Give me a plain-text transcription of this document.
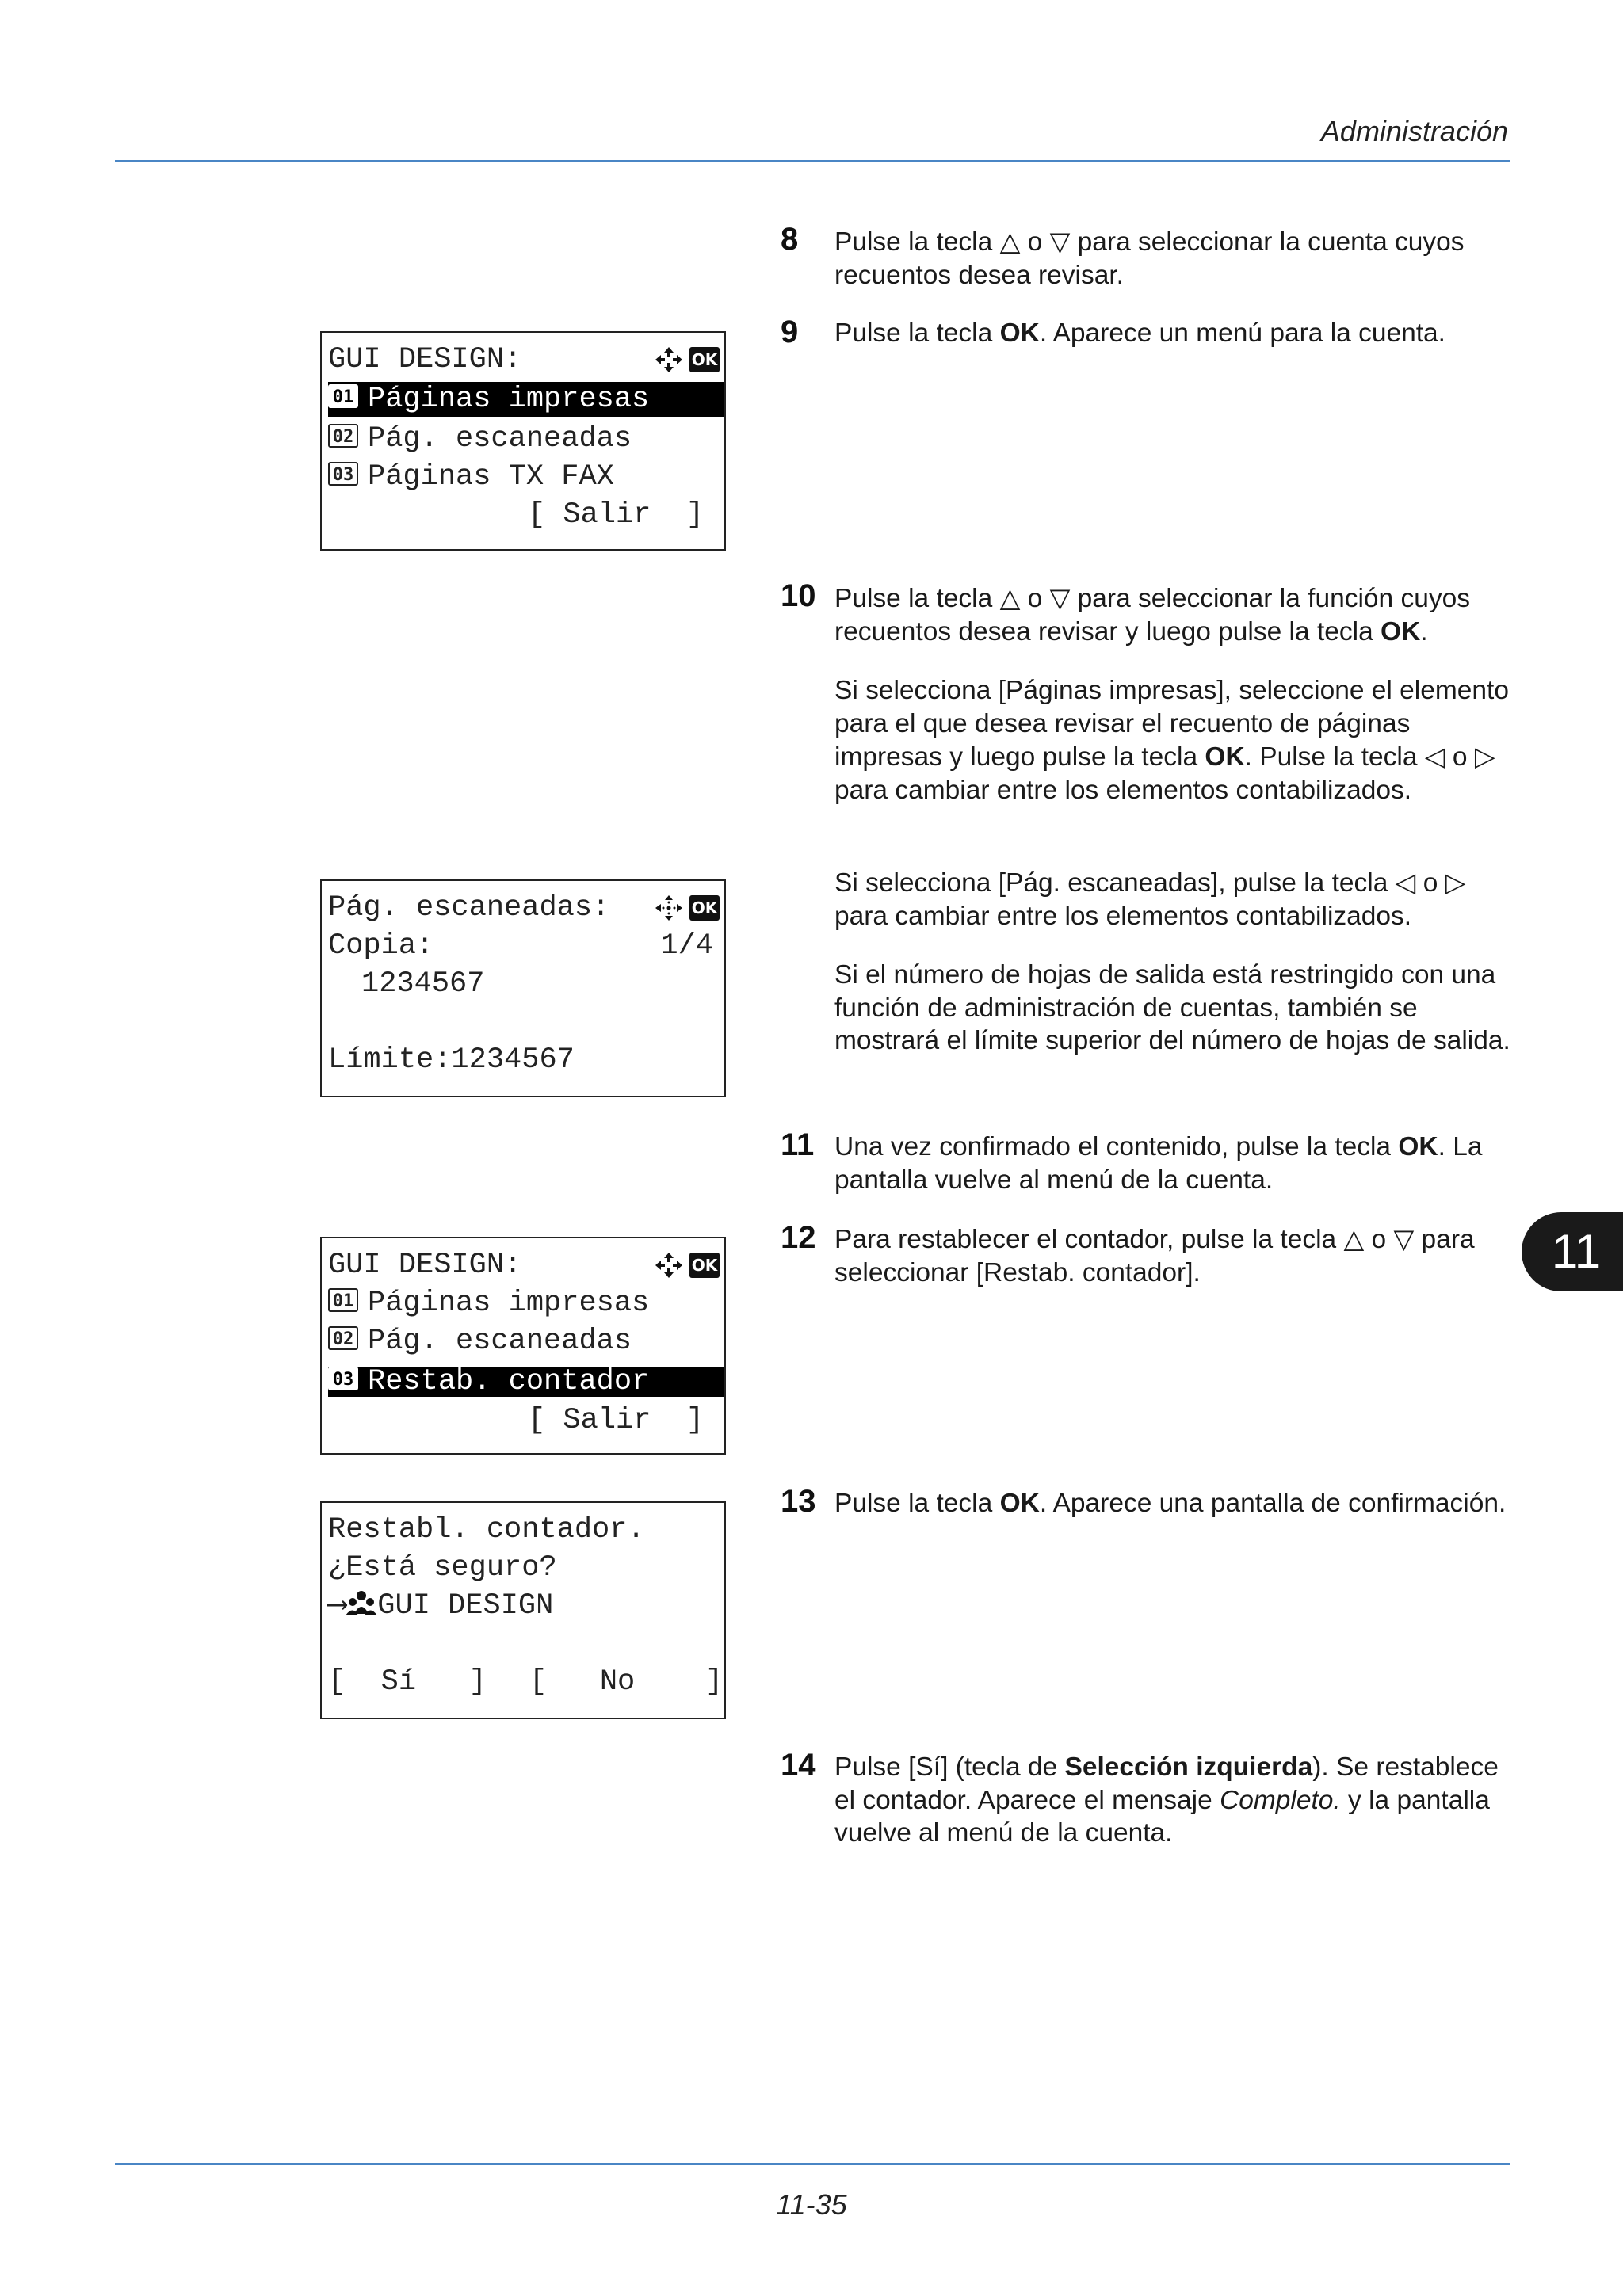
Administración
11
8 Pulse la tecla △ o ▽ para seleccionar la cuenta cuyos recuentos desea revisar.

9 Pulse la tecla OK. Aparece un menú para la cuenta.

10 Pulse la tecla △ o ▽ para seleccionar la función cuyos recuentos desea revisar y luego pulse la tecla OK.

Si selecciona [Páginas impresas], seleccione el elemento para el que desea revisar el recuento de páginas impresas y luego pulse la tecla OK. Pulse la tecla ◁ o ▷ para cambiar entre los elementos contabilizados.

Si selecciona [Pág. escaneadas], pulse la tecla ◁ o ▷ para cambiar entre los elementos contabilizados.

Si el número de hojas de salida está restringido con una función de administración de cuentas, también se mostrará el límite superior del número de hojas de salida.

11 Una vez confirmado el contenido, pulse la tecla OK. La pantalla vuelve al menú de la cuenta.

12 Para restablecer el contador, pulse la tecla △ o ▽ para seleccionar [Restab. contador].

13 Pulse la tecla OK. Aparece una pantalla de confirmación.

14 Pulse [Sí] (tecla de Selección izquierda). Se restablece el contador. Aparece el mensaje Completo. y la pantalla vuelve al menú de la cuenta.

GUI DESIGN:	OK
01 Páginas impresas
02 Pág. escaneadas
03 Páginas TX FAX
[ Salir  ]
Pág. escaneadas:	OK
Copia:	1/4
1234567
Límite:1234567
GUI DESIGN:	OK
01 Páginas impresas
02 Pág. escaneadas
03 Restab. contador
[ Salir  ]
Restabl. contador.
¿Está seguro?
⟶ GUI DESIGN
[  Sí   ]	[   No    ]
11-35
